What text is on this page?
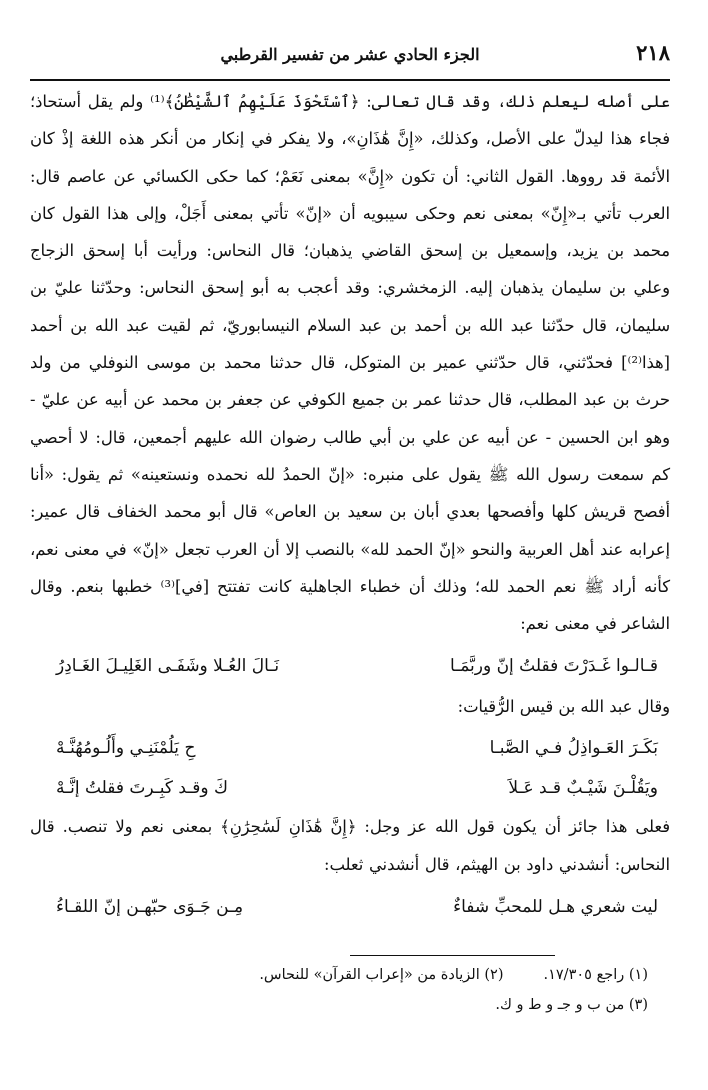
٢١٨
الجزء الحادي عشر من تفسير القرطبي

على أصله ليعلم ذلك، وقد قال تعالى: ﴿ٱسْتَحْوَذَ عَلَيْهِمُ ٱلشَّيْطَٰنُ﴾⁽¹⁾ ولم يقل أستحاذ؛ فجاء هذا ليدلّ على الأصل، وكذلك، «إِنَّ هَٰذَانِ»، ولا يفكر في إنكار من أنكر هذه اللغة إذْ كان الأئمة قد رووها. القول الثاني: أن تكون «إِنَّ» بمعنى نَعَمْ؛ كما حكى الكسائي عن عاصم قال: العرب تأتي بـ«إِنّ» بمعنى نعم وحكى سيبويه أن «إنّ» تأتي بمعنى أَجَلْ، وإلى هذا القول كان محمد بن يزيد، وإسمعيل بن إسحق القاضي يذهبان؛ قال النحاس: ورأيت أبا إسحق الزجاج وعلي بن سليمان يذهبان إليه. الزمخشري: وقد أعجب به أبو إسحق النحاس: وحدّثنا عليّ بن سليمان، قال حدّثنا عبد الله بن أحمد بن عبد السلام النيسابوريّ، ثم لقيت عبد الله بن أحمد [هذا⁽²⁾] فحدّثني، قال حدّثني عمير بن المتوكل، قال حدثنا محمد بن موسى النوفلي من ولد حرث بن عبد المطلب، قال حدثنا عمر بن جميع الكوفي عن جعفر بن محمد عن أبيه عن عليّ - وهو ابن الحسين - عن أبيه عن علي بن أبي طالب رضوان الله عليهم أجمعين، قال: لا أحصي كم سمعت رسول الله ﷺ يقول على منبره: «إنّ الحمدُ لله نحمده ونستعينه» ثم يقول: «أنا أفصح قريش كلها وأفصحها بعدي أبان بن سعيد بن العاص» قال أبو محمد الخفاف قال عمير: إعرابه عند أهل العربية والنحو «إنّ الحمد لله» بالنصب إلا أن العرب تجعل «إنّ» في معنى نعم، كأنه أراد ﷺ نعم الحمد لله؛ وذلك أن خطباء الجاهلية كانت تفتتح [في]⁽³⁾ خطبها بنعم. وقال الشاعر في معنى نعم:

قـالـوا غَـدَرْتَ فقلتُ إنّ وربَّمَـا
نَـالَ العُـلا وشَفَـى الغَلِيـلَ الغَـادِرُ

وقال عبد الله بن قيس الرُّقيات:

بَكَـرَ العَـواذِلُ فـي الصَّبـا
حِ يَلُمْنَنِـي وأَلُـومُهُنَّـهْ
ويَقُلْـنَ شَيْـبٌ قـد عَـلاَ
كَ وقـد كَبِـرتَ فقلتُ إنَّـهْ

فعلى هذا جائز أن يكون قول الله عز وجل: ﴿إِنَّ هَٰذَانِ لَسَٰحِرَٰنِ﴾ بمعنى نعم ولا تنصب. قال النحاس: أنشدني داود بن الهيثم، قال أنشدني ثعلب:

ليت شعري هـل للمحبِّ شفاءٌ
مِـن جَـوَى حبّهـن إنّ اللقـاءُ
(١) راجع ١٧/٣٠٥.
(٢) الزيادة من «إعراب القرآن» للنحاس.
(٣) من ب و جـ و ط و ك.
